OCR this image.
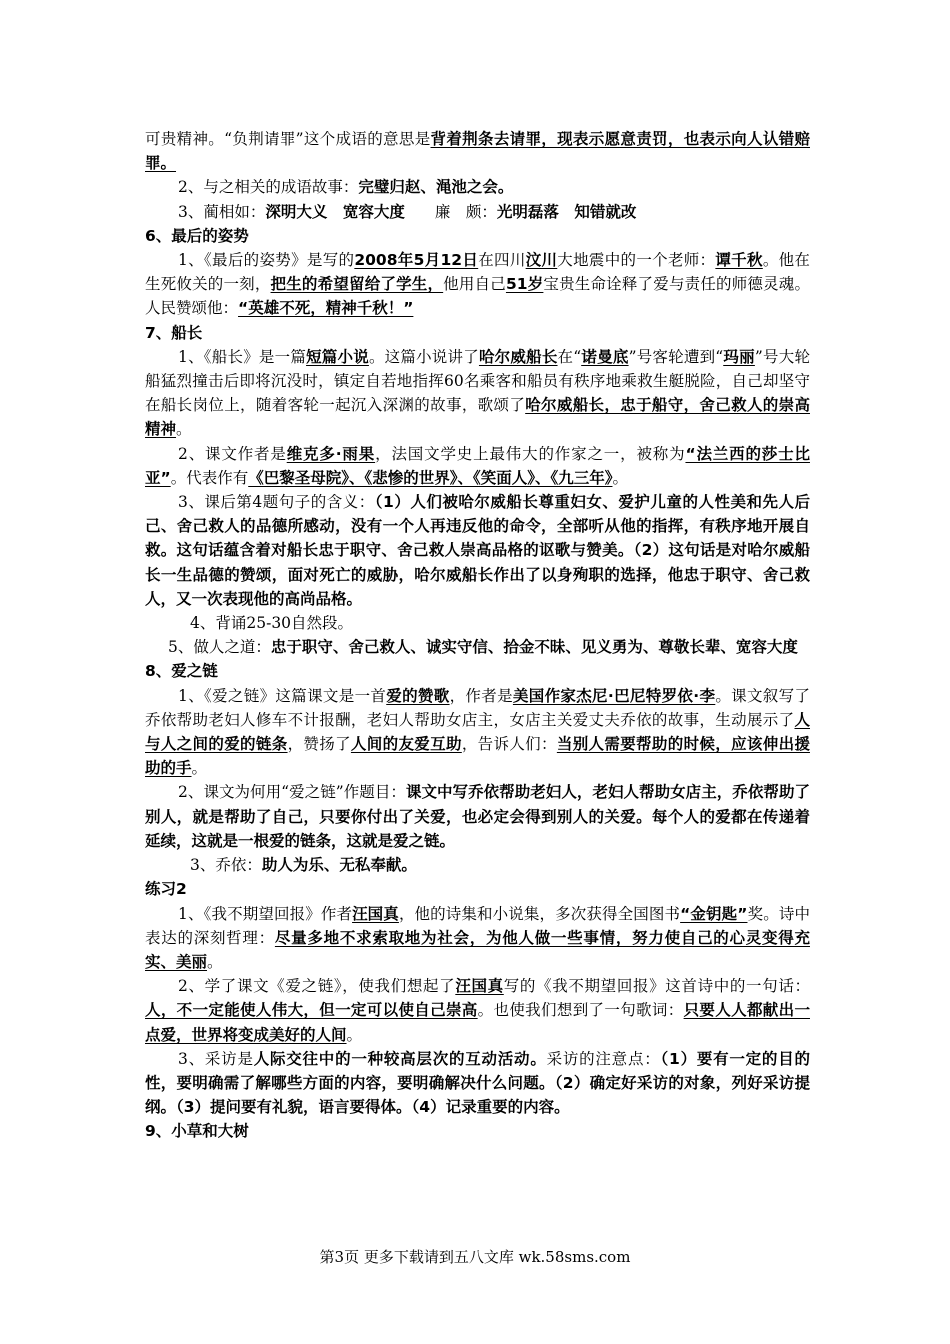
可贵精神。“负荆请罪”这个成语的意思是背着荆条去请罪，现表示愿意责罚，也表示向人认错赔罪。

2、与之相关的成语故事：完璧归赵、渑池之会。

3、蔺相如：深明大义　宽容大度 廉　颇：光明磊落　知错就改

6、最后的姿势

1、《最后的姿势》是写的2008年5月12日在四川汶川大地震中的一个老师：谭千秋。他在生死攸关的一刻，把生的希望留给了学生，他用自己51岁宝贵生命诠释了爱与责任的师德灵魂。人民赞颂他：“英雄不死，精神千秋！”

7、船长

1、《船长》是一篇短篇小说。这篇小说讲了哈尔威船长在“诺曼底”号客轮遭到“玛丽”号大轮船猛烈撞击后即将沉没时，镇定自若地指挥60名乘客和船员有秩序地乘救生艇脱险，自己却坚守在船长岗位上，随着客轮一起沉入深渊的故事，歌颂了哈尔威船长，忠于船守，舍己救人的崇高精神。

2、课文作者是维克多·雨果，法国文学史上最伟大的作家之一，被称为“法兰西的莎士比亚”。代表作有《巴黎圣母院》、《悲惨的世界》、《笑面人》、《九三年》。

3、课后第4题句子的含义：（1）人们被哈尔威船长尊重妇女、爱护儿童的人性美和先人后己、舍己救人的品德所感动，没有一个人再违反他的命令，全部听从他的指挥，有秩序地开展自救。这句话蕴含着对船长忠于职守、舍己救人崇高品格的讴歌与赞美。（2）这句话是对哈尔威船长一生品德的赞颂，面对死亡的威胁，哈尔威船长作出了以身殉职的选择，他忠于职守、舍己救人，又一次表现他的高尚品格。

4、背诵25-30自然段。

5、做人之道：忠于职守、舍己救人、诚实守信、拾金不昧、见义勇为、尊敬长辈、宽容大度

8、爱之链

1、《爱之链》这篇课文是一首爱的赞歌，作者是美国作家杰尼·巴尼特罗依·李。课文叙写了乔依帮助老妇人修车不计报酬，老妇人帮助女店主，女店主关爱丈夫乔依的故事，生动展示了人与人之间的爱的链条，赞扬了人间的友爱互助，告诉人们：当别人需要帮助的时候，应该伸出援助的手。

2、课文为何用“爱之链”作题目：课文中写乔依帮助老妇人，老妇人帮助女店主，乔依帮助了别人，就是帮助了自己，只要你付出了关爱，也必定会得到别人的关爱。每个人的爱都在传递着延续，这就是一根爱的链条，这就是爱之链。

3、乔依：助人为乐、无私奉献。

练习2

1、《我不期望回报》作者汪国真，他的诗集和小说集，多次获得全国图书“金钥匙”奖。诗中表达的深刻哲理：尽量多地不求索取地为社会，为他人做一些事情，努力使自己的心灵变得充实、美丽。

2、学了课文《爱之链》，使我们想起了汪国真写的《我不期望回报》这首诗中的一句话：人，不一定能使人伟大，但一定可以使自己崇高。也使我们想到了一句歌词：只要人人都献出一点爱，世界将变成美好的人间。

3、采访是人际交往中的一种较高层次的互动活动。采访的注意点：（1）要有一定的目的性，要明确需了解哪些方面的内容，要明确解决什么问题。（2）确定好采访的对象，列好采访提纲。（3）提问要有礼貌，语言要得体。（4）记录重要的内容。

9、小草和大树

第3页 更多下载请到五八文库 wk.58sms.com
